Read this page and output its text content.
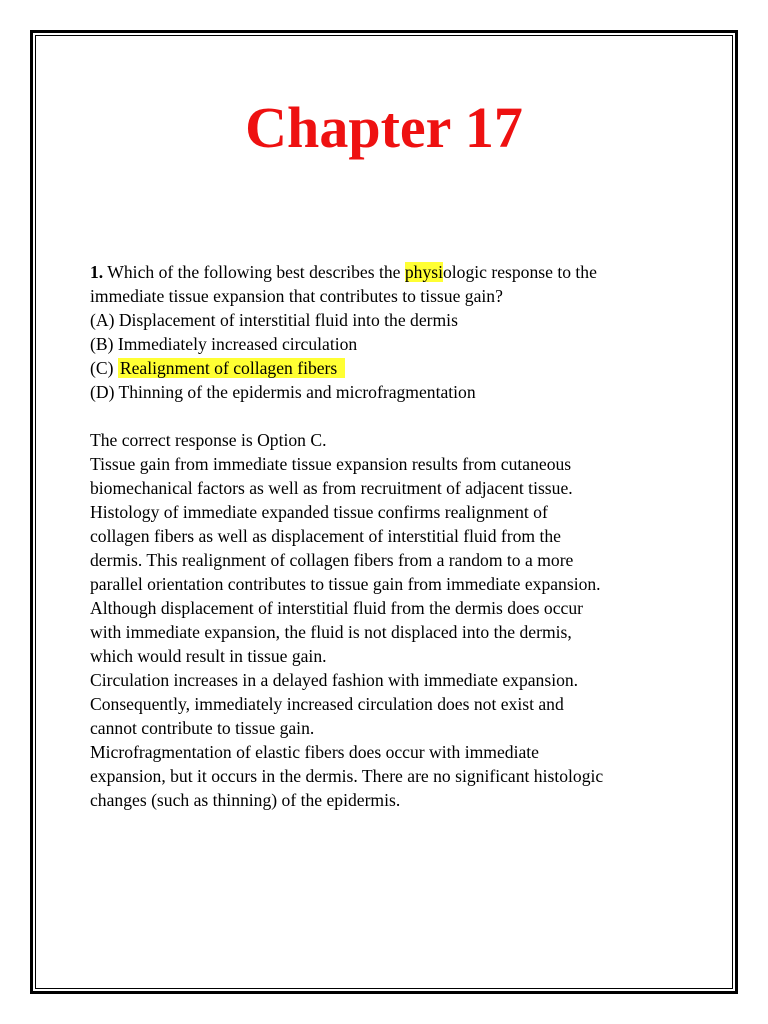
Chapter 17
1. Which of the following best describes the physiologic response to the
immediate tissue expansion that contributes to tissue gain?
(A) Displacement of interstitial fluid into the dermis
(B) Immediately increased circulation
(C) Realignment of collagen fibers
(D) Thinning of the epidermis and microfragmentation
The correct response is Option C.
Tissue gain from immediate tissue expansion results from cutaneous
biomechanical factors as well as from recruitment of adjacent tissue.
Histology of immediate expanded tissue confirms realignment of
collagen fibers as well as displacement of interstitial fluid from the
dermis. This realignment of collagen fibers from a random to a more
parallel orientation contributes to tissue gain from immediate expansion.
Although displacement of interstitial fluid from the dermis does occur
with immediate expansion, the fluid is not displaced into the dermis,
which would result in tissue gain.
Circulation increases in a delayed fashion with immediate expansion.
Consequently, immediately increased circulation does not exist and
cannot contribute to tissue gain.
Microfragmentation of elastic fibers does occur with immediate
expansion, but it occurs in the dermis. There are no significant histologic
changes (such as thinning) of the epidermis.
